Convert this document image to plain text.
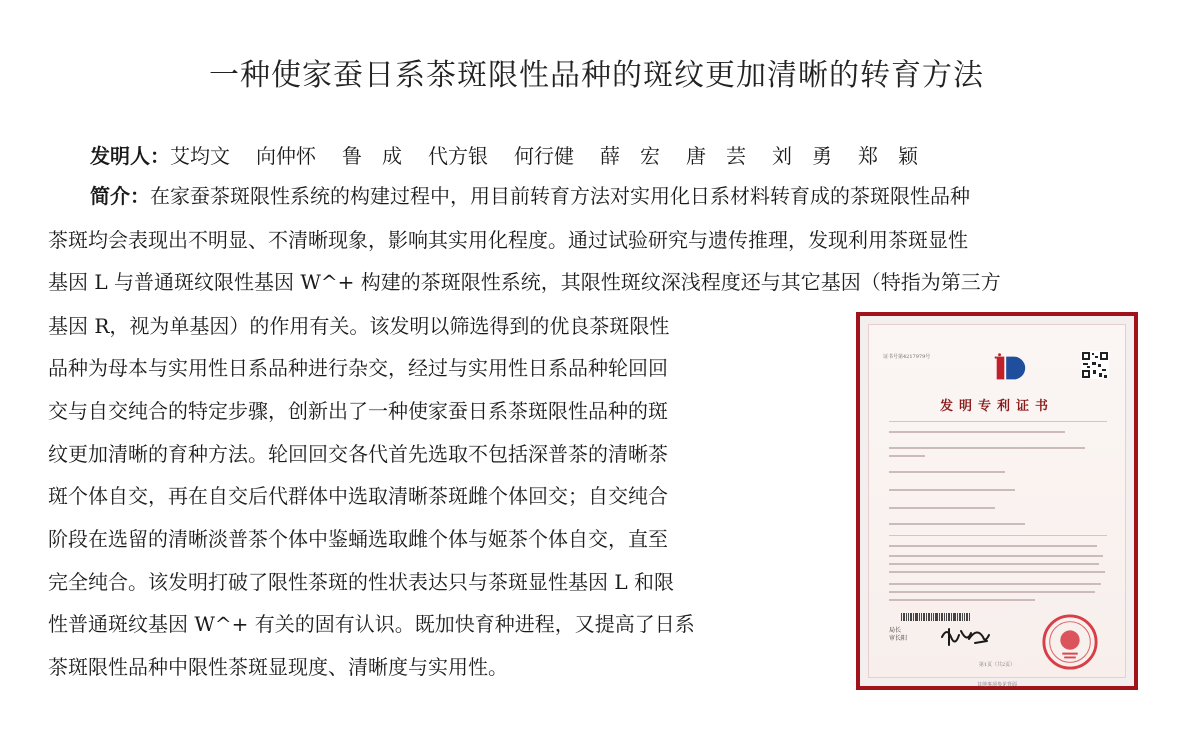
一种使家蚕日系茶斑限性品种的斑纹更加清晰的转育方法
发明人：艾均文 向仲怀 鲁　成 代方银 何行健 薛　宏 唐　芸 刘　勇 郑　颖
简介：在家蚕茶斑限性系统的构建过程中，用目前转育方法对实用化日系材料转育成的茶斑限性品种
茶斑均会表现出不明显、不清晰现象，影响其实用化程度。通过试验研究与遗传推理，发现利用茶斑显性
基因 L 与普通斑纹限性基因 W^+ 构建的茶斑限性系统，其限性斑纹深浅程度还与其它基因（特指为第三方
基因 R，视为单基因）的作用有关。该发明以筛选得到的优良茶斑限性
品种为母本与实用性日系品种进行杂交，经过与实用性日系品种轮回回
交与自交纯合的特定步骤，创新出了一种使家蚕日系茶斑限性品种的斑
纹更加清晰的育种方法。轮回回交各代首先选取不包括深普茶的清晰茶
斑个体自交，再在自交后代群体中选取清晰茶斑雌个体回交；自交纯合
阶段在选留的清晰淡普茶个体中鉴蛹选取雌个体与姬茶个体自交，直至
完全纯合。该发明打破了限性茶斑的性状表达只与茶斑显性基因 L 和限
性普通斑纹基因 W^+ 有关的固有认识。既加快育种进程，又提高了日系
茶斑限性品种中限性茶斑显现度、清晰度与实用性。
证书号第4217979号
发明专利证书
局长
审长阳
第1页（共2页）
其他事项参见背面
